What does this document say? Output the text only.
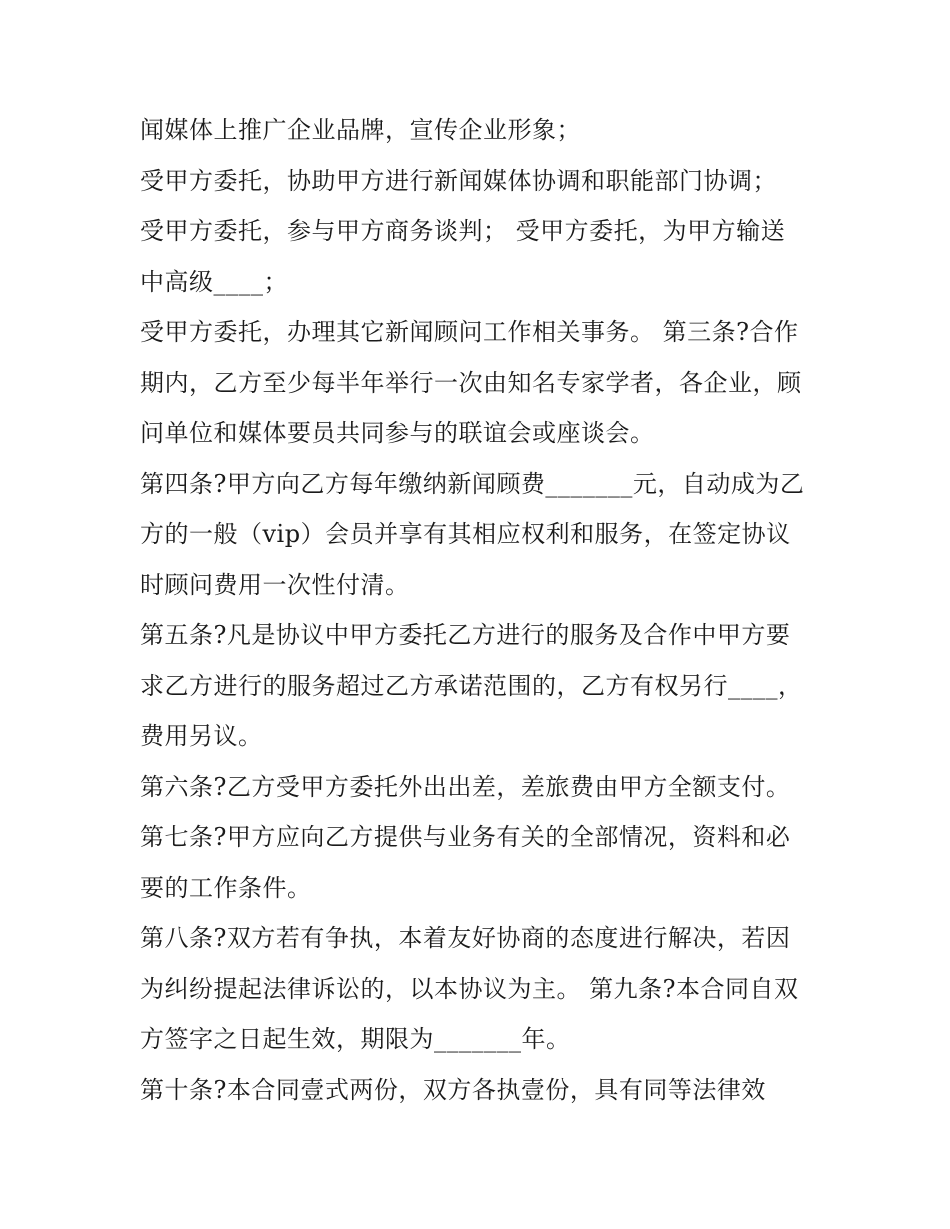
闻媒体上推广企业品牌，宣传企业形象；
受甲方委托，协助甲方进行新闻媒体协调和职能部门协调；
受甲方委托，参与甲方商务谈判； 受甲方委托，为甲方输送
中高级____；
受甲方委托，办理其它新闻顾问工作相关事务。 第三条?合作
期内，乙方至少每半年举行一次由知名专家学者，各企业，顾
问单位和媒体要员共同参与的联谊会或座谈会。
第四条?甲方向乙方每年缴纳新闻顾费_______元，自动成为乙
方的一般（vip）会员并享有其相应权利和服务，在签定协议
时顾问费用一次性付清。
第五条?凡是协议中甲方委托乙方进行的服务及合作中甲方要
求乙方进行的服务超过乙方承诺范围的，乙方有权另行____，
费用另议。
第六条?乙方受甲方委托外出出差，差旅费由甲方全额支付。
第七条?甲方应向乙方提供与业务有关的全部情况，资料和必
要的工作条件。
第八条?双方若有争执，本着友好协商的态度进行解决，若因
为纠纷提起法律诉讼的，以本协议为主。 第九条?本合同自双
方签字之日起生效，期限为_______年。
第十条?本合同壹式两份，双方各执壹份，具有同等法律效
